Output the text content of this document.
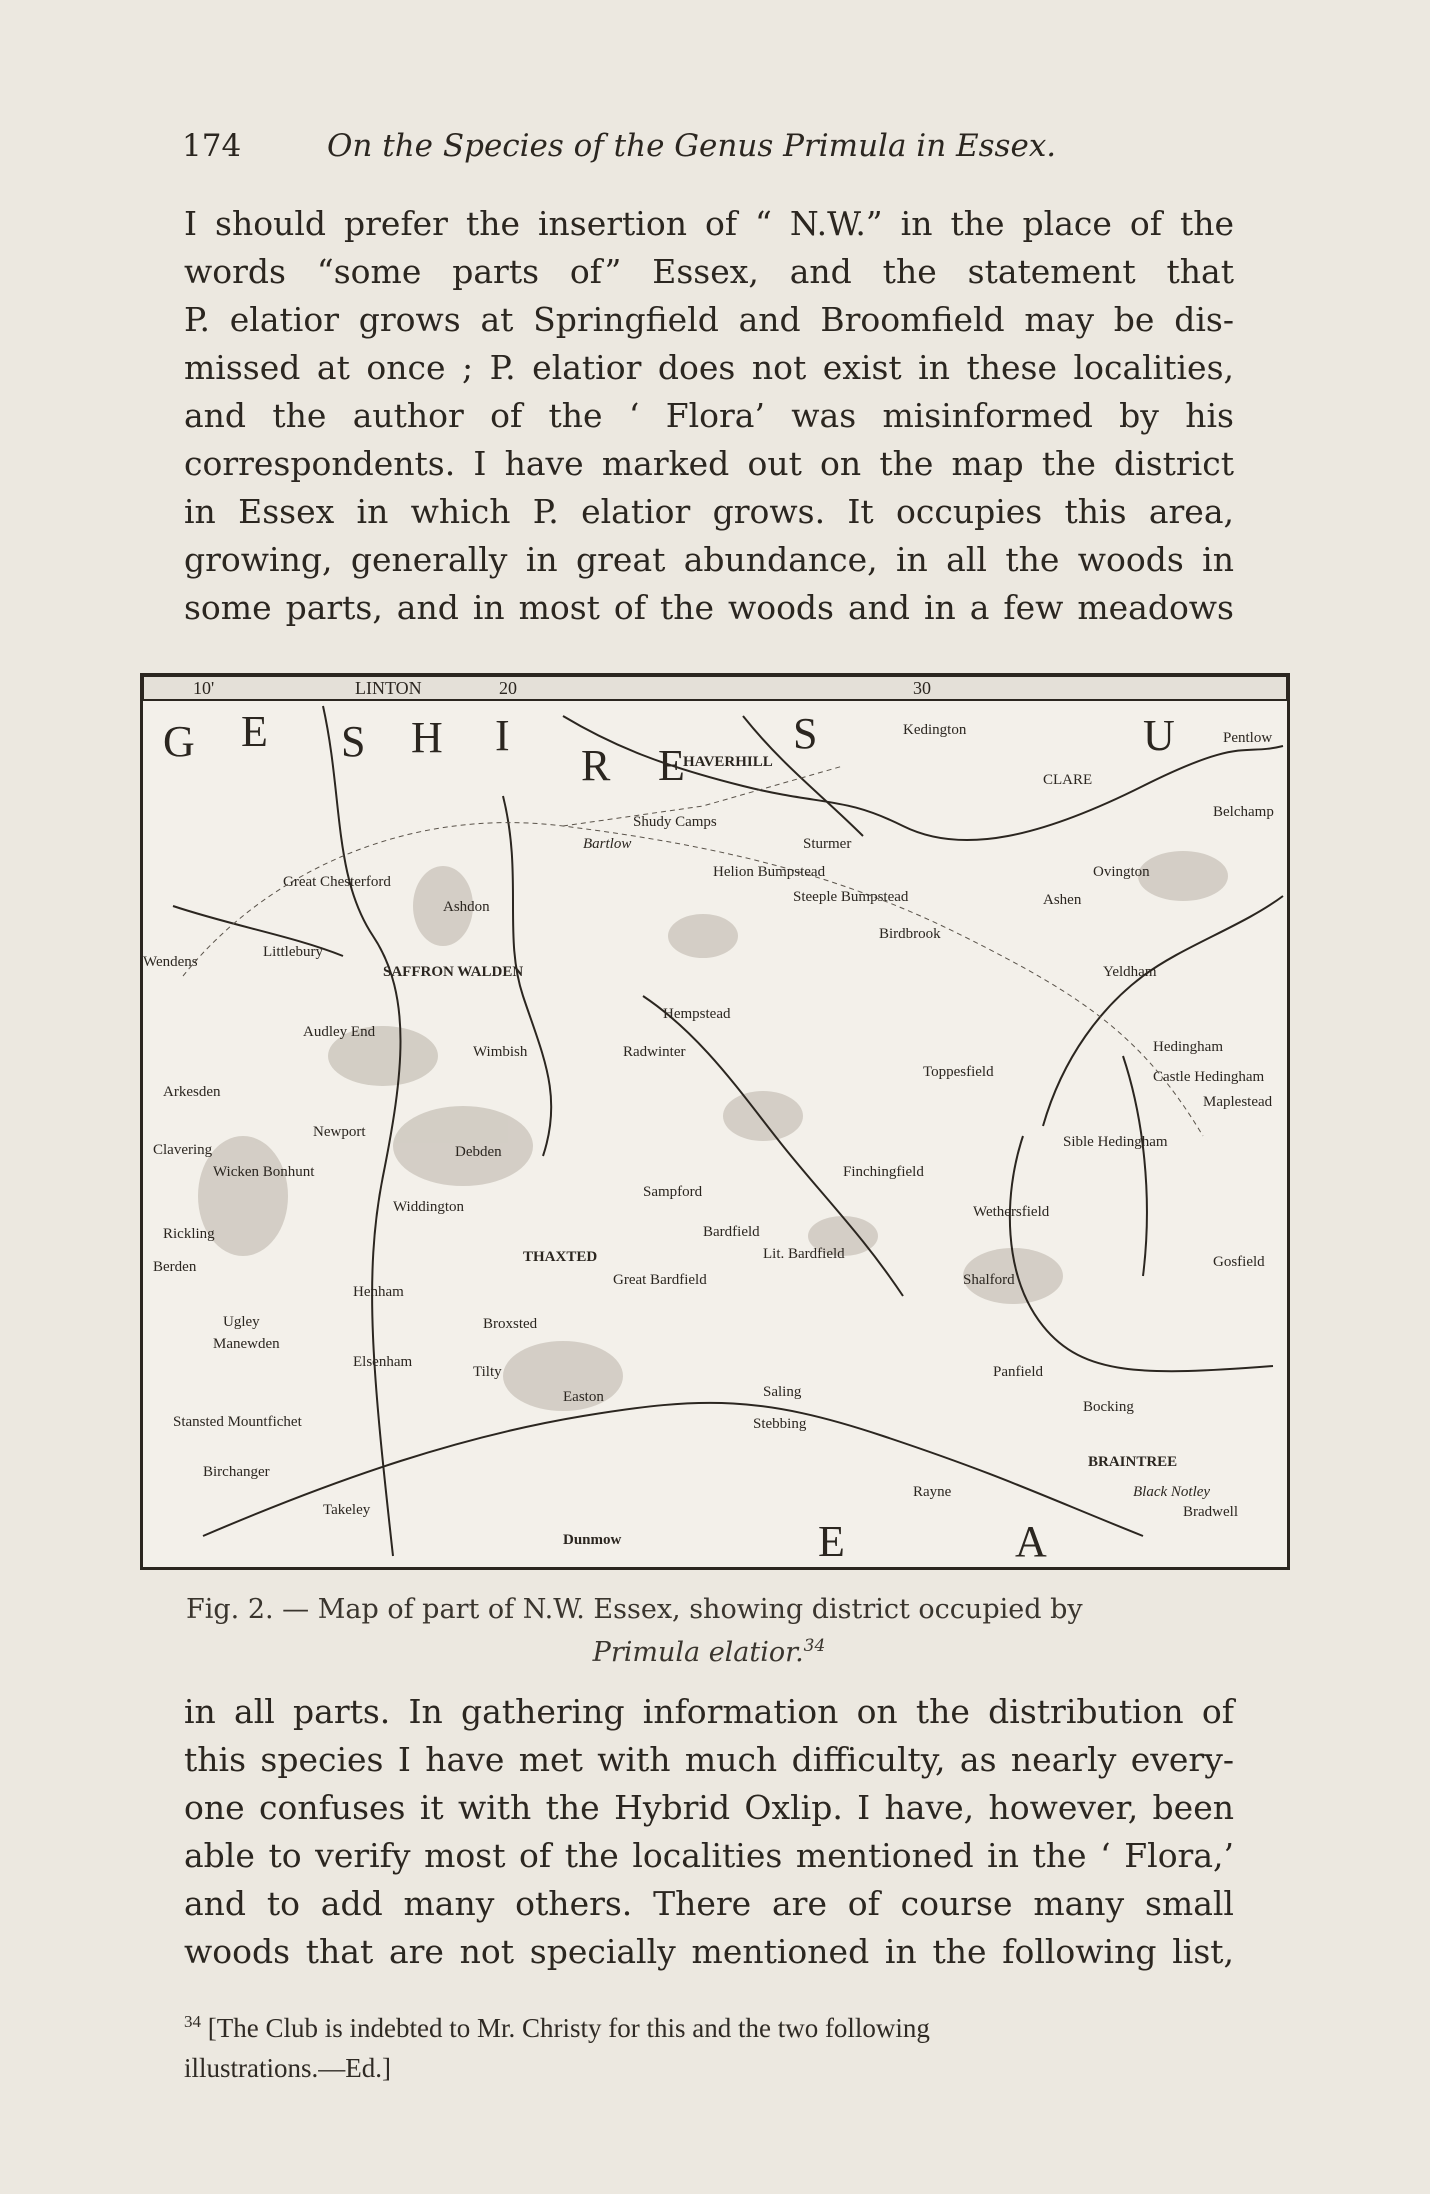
174	On the Species of the Genus Primula in Essex.
I should prefer the insertion of “ N.W.” in the place of the
words “some parts of” Essex, and the statement that
P. elatior grows at Springfield and Broomfield may be dis-
missed at once ; P. elatior does not exist in these localities,
and the author of the ‘ Flora’ was misinformed by his
correspondents. I have marked out on the map the district
in Essex in which P. elatior grows. It occupies this area,
growing, generally in great abundance, in all the woods in
some parts, and in most of the woods and in a few meadows
10'	LINTON	20	30
G E S H I
R E
S	U
E	A
Kedington
HAVERHILL
CLARE
Pentlow
Shudy Camps
Bartlow
Great Chesterford
Ashdon
Helion Bumpstead
Sturmer
Steeple Bumpstead
Birdbrook
Ovington
Ashen
Belchamp
SAFFRON WALDEN
Newport
Debden
Radwinter
Hempstead
Wimbish
Sampford
Finchingfield
Toppesfield
Wethersfield
Yeldham
Hedingham
Castle Hedingham
Maplestead
Sible Hedingham
Gosfield
THAXTED
Bardfield
Shalford
Lit. Bardfield
Great Bardfield
Broxsted
Tilty
Elsenham
Manewden
Stansted Mountfichet
Birchanger
Takeley
Dunmow
Easton	Saling
Stebbing
Panfield
Rayne
Bocking
BRAINTREE
Bradwell
Black Notley
Wendens
Arkesden
Wicken Bonhunt
Rickling
Berden
Ugley
Henham
Clavering
Littlebury
Audley End
Widdington
Fig. 2. — Map of part of N.W. Essex, showing district occupied by
Primula elatior.$^{34}$
in all parts. In gathering information on the distribution of
this species I have met with much difficulty, as nearly every-
one confuses it with the Hybrid Oxlip. I have, however, been
able to verify most of the localities mentioned in the ‘ Flora,’
and to add many others. There are of course many small
woods that are not specially mentioned in the following list,
$^{34}$ [The Club is indebted to Mr. Christy for this and the two following
illustrations.—Ed.]
